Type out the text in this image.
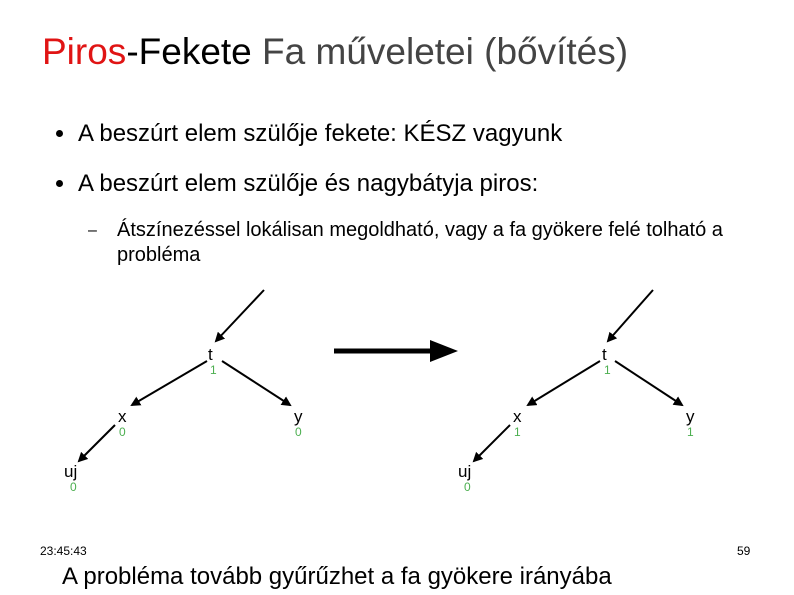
Piros-Fekete Fa műveletei (bővítés)
A beszúrt elem szülője fekete: KÉSZ vagyunk
A beszúrt elem szülője és nagybátyja piros:
– Átszínezéssel lokálisan megoldható, vagy a fa gyökere felé tolható a probléma
t
1
x
0
y
0
uj
0
t
1
x
1
y
1
uj
0
23:45:43	59
A probléma tovább gyűrűzhet a fa gyökere irányába
